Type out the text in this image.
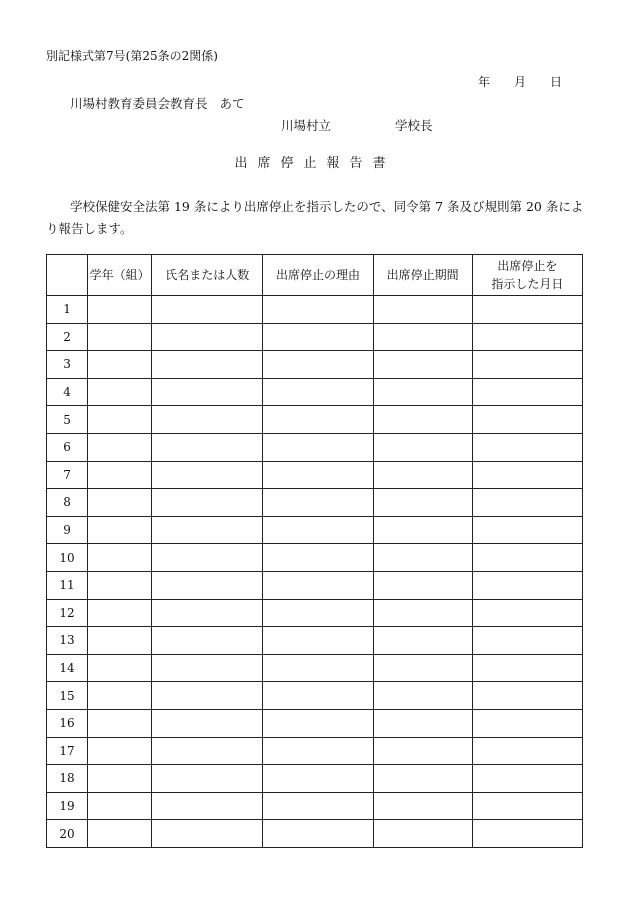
別記様式第7号(第25条の2関係)
年 月 日
川場村教育委員会教育長 あて
川場村立	学校長
出席停止報告書
学校保健安全法第 19 条により出席停止を指示したので、同令第 7 条及び規則第 20 条により報告します。
	学年（組）	氏名または人数	出席停止の理由	出席停止期間	出席停止を
指示した月日
1					
2					
3					
4					
5					
6					
7					
8					
9					
10					
11					
12					
13					
14					
15					
16					
17					
18					
19					
20					
